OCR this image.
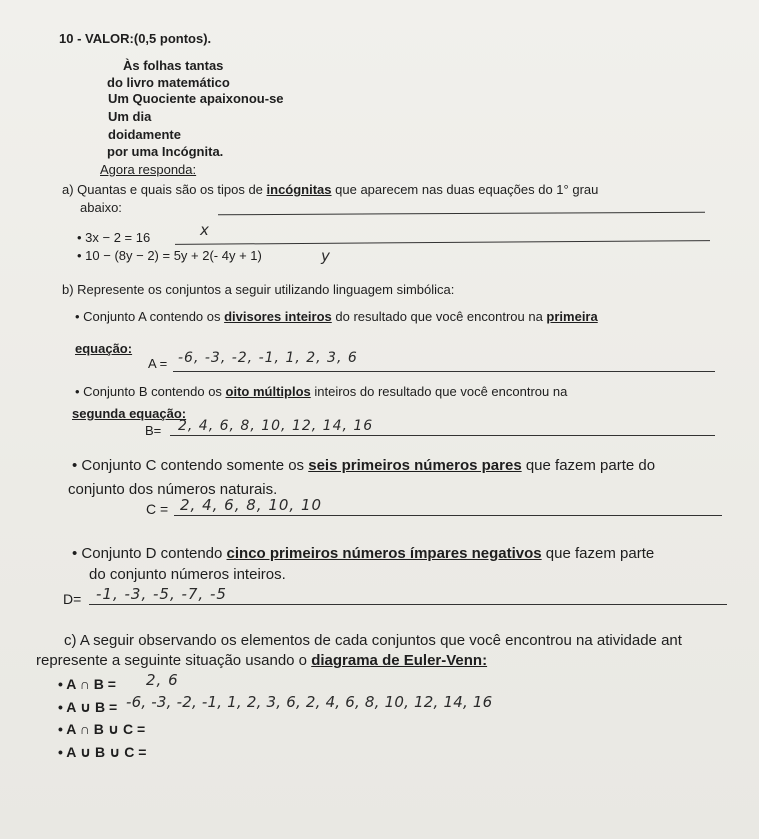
10 - VALOR:(0,5 pontos).
Às folhas tantas
do livro matemático
Um Quociente apaixonou-se
Um dia
doidamente
por uma Incógnita.
Agora responda:
a) Quantas e quais são os tipos de incógnitas que aparecem nas duas equações do 1° grau
abaixo:
• 3x − 2 = 16	x
• 10 − (8y − 2) = 5y + 2(- 4y + 1)	y
b) Represente os conjuntos a seguir utilizando linguagem simbólica:
• Conjunto A contendo os divisores inteiros do resultado que você encontrou na primeira
equação:
A = -6, -3, -2, -1, 1, 2, 3, 6
• Conjunto B contendo os oito múltiplos inteiros do resultado que você encontrou na
segunda equação:
B= 2, 4, 6, 8, 10, 12, 14, 16
• Conjunto C contendo somente os seis primeiros números pares que fazem parte do
conjunto dos números naturais.
C = 2, 4, 6, 8, 10, 10
• Conjunto D contendo cinco primeiros números ímpares negativos que fazem parte
do conjunto números inteiros.
D= -1, -3, -5, -7, -5
c) A seguir observando os elementos de cada conjuntos que você encontrou na atividade ant
represente a seguinte situação usando o diagrama de Euler-Venn:
• A ∩ B = 2, 6
• A ∪ B = -6, -3, -2, -1, 1, 2, 3, 6, 2, 4, 6, 8, 10, 12, 14, 16
• A ∩ B ∪ C =
• A ∪ B ∪ C =
